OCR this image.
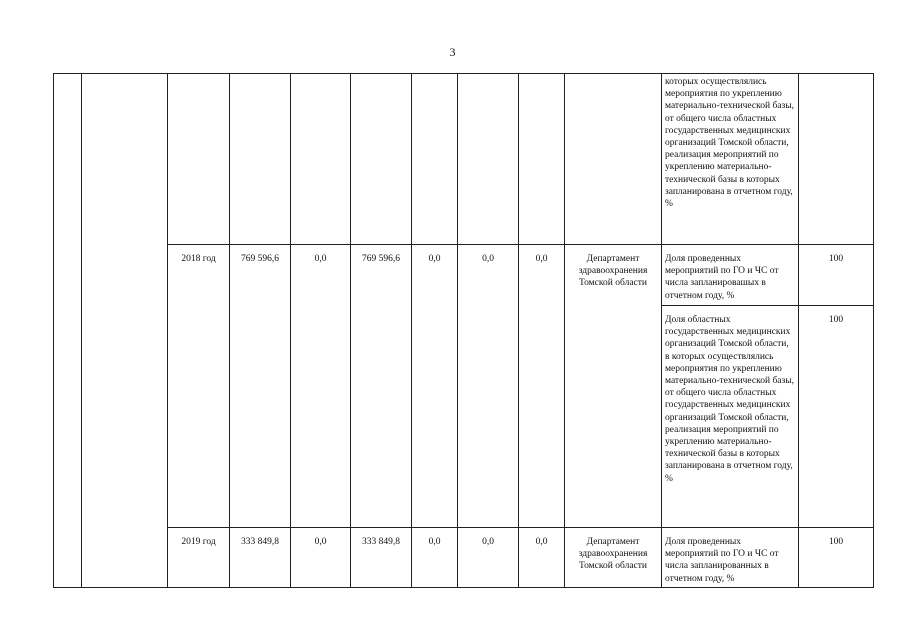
3
										которых осуществлялись мероприятия по укреплению материально-технической базы, от общего числа областных государственных медицинских организаций Томской области, реализация мероприятий по укреплению материально-технической базы в которых запланирована в отчетном году, %	
		2018 год	769 596,6	0,0	769 596,6	0,0	0,0	0,0	Департамент здравоохранения Томской области	Доля проведенных мероприятий по ГО и ЧС от числа запланировашых в отчетном году, %	100
										Доля областных государственных медицинских организаций Томской области, в которых осуществлялись мероприятия по укреплению материально-технической базы, от общего числа областных государственных медицинских организаций Томской области, реализация мероприятий по укреплению материально-технической базы в которых запланирована в отчетном году, %	100
		2019 год	333 849,8	0,0	333 849,8	0,0	0,0	0,0	Департамент здравоохранения Томской области	Доля проведенных мероприятий по ГО и ЧС от числа запланированных в отчетном году, %	100
